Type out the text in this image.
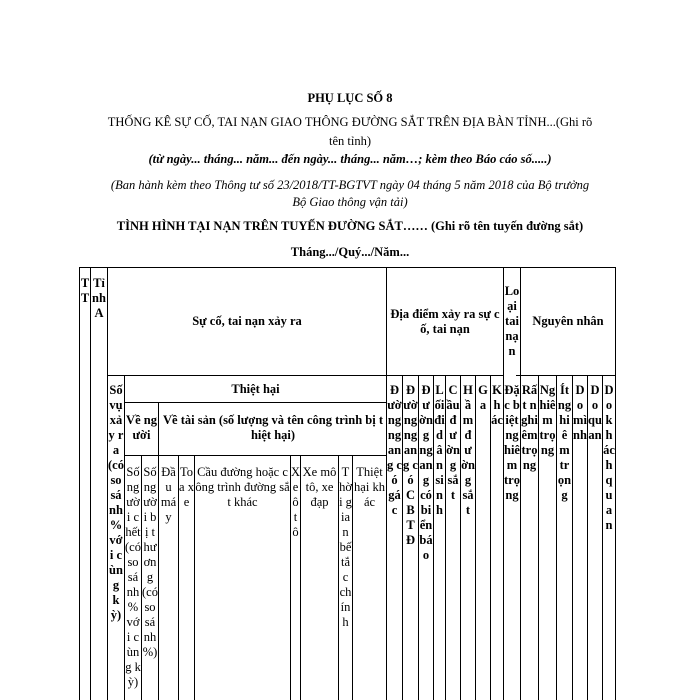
PHỤ LỤC SỐ 8
THỐNG KÊ SỰ CỐ, TAI NẠN GIAO THÔNG ĐƯỜNG SẮT TRÊN ĐỊA BÀN TỈNH...(Ghi rõ
tên tỉnh)
(từ ngày... tháng... năm... đến ngày... tháng... năm…; kèm theo Báo cáo số.....)
(Ban hành kèm theo Thông tư số 23/2018/TT-BGTVT ngày 04 tháng 5 năm 2018 của Bộ trưởng
Bộ Giao thông vận tải)
TÌNH HÌNH TẠI NẠN TRÊN TUYẾN ĐƯỜNG SẮT…… (Ghi rõ tên tuyến đường sắt)
Tháng.../Quý.../Năm...
TT
Tỉnh A
Sự cố, tai nạn xảy ra
Địa điểm xảy ra sự cố, tai nạn
Loại tai nạn
Nguyên nhân
Thiệt hại
Số vụ xảy ra (có so sánh % với cùng kỳ)
Về người
Về tài sản (số lượng và tên công trình bị thiệt hại)
Số người chết (có so sánh % với cùng kỳ)
Số người bị thương (có so sánh %)
Đầu máy
Toa xe
Cầu đường hoặc công trình đường sắt khác
Xe ô tô
Xe mô tô, xe đạp
Thời gian bế tắc chính
Thiệt hại khác
Đường ngang có gác
Đường ngang có CBTĐ
Đường ngang có biển báo
Lối đi dân sinh
Cầu đường sắt
Hầm đường sắt
Ga
Khác
Đặc biệt nghiêm trọng
Rất nghiêm trọng
Nghiêm trọng
Ít nghiêm trọng
Do mình
Do quan
Do khách quan
